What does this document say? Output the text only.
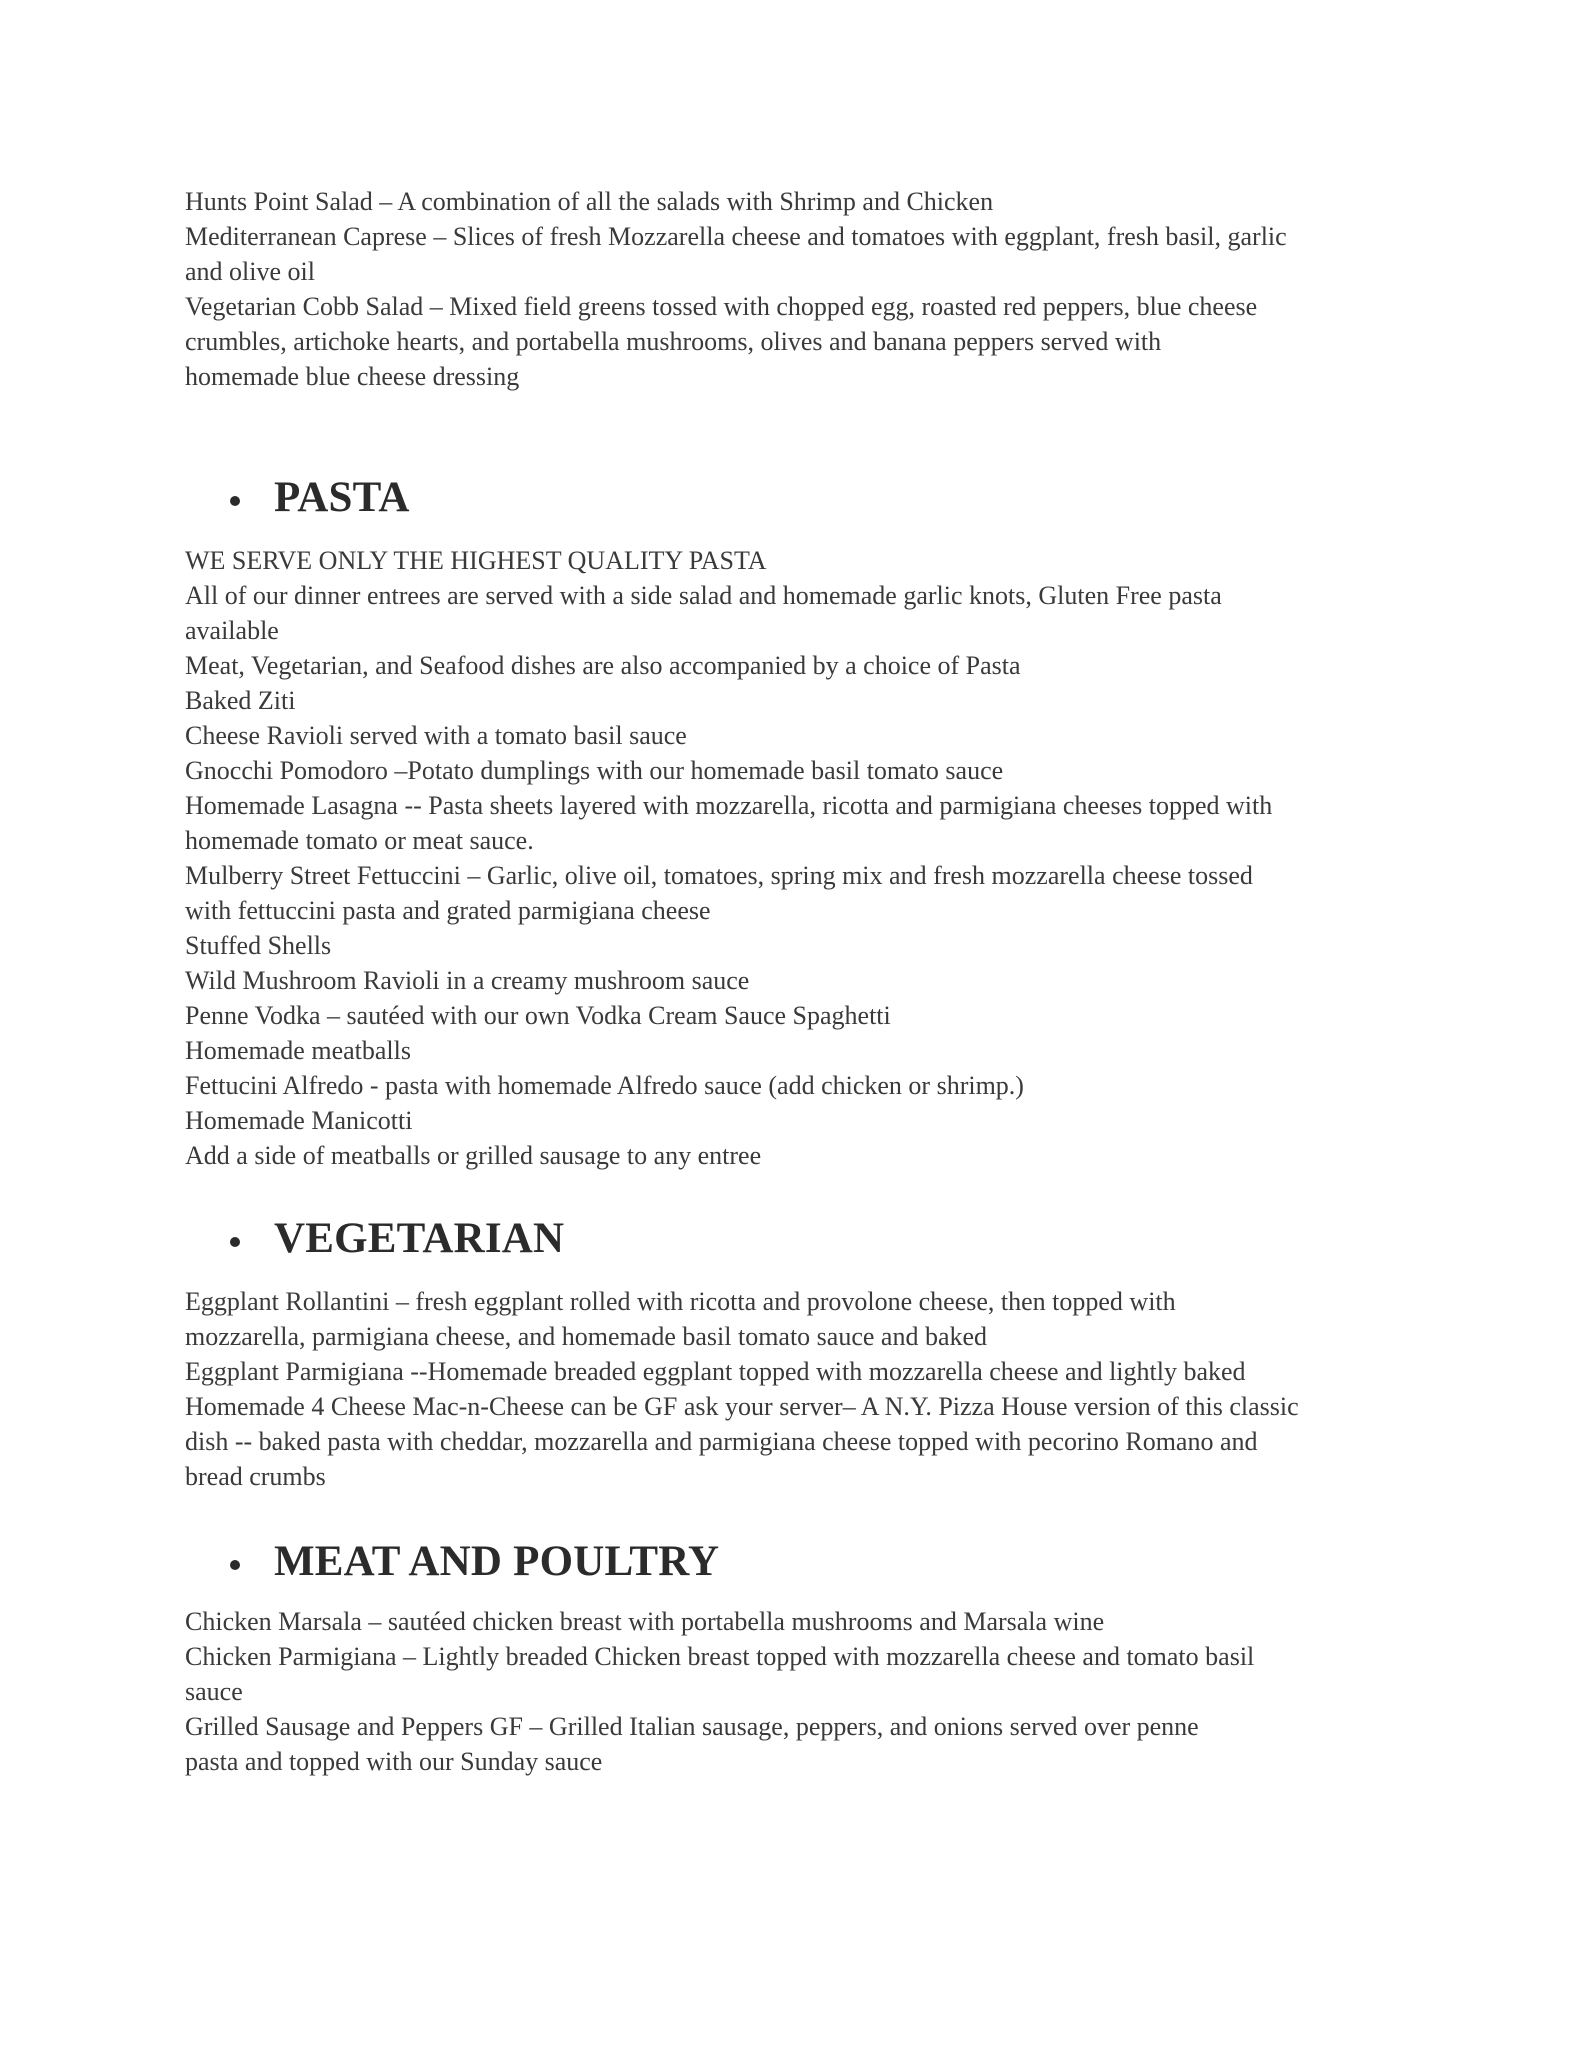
Hunts Point Salad – A combination of all the salads with Shrimp and Chicken

Mediterranean Caprese – Slices of fresh Mozzarella cheese and tomatoes with eggplant, fresh basil, garlic

and olive oil

Vegetarian Cobb Salad – Mixed field greens tossed with chopped egg, roasted red peppers, blue cheese

crumbles, artichoke hearts, and portabella mushrooms, olives and banana peppers served with

homemade blue cheese dressing

PASTA

WE SERVE ONLY THE HIGHEST QUALITY PASTA

All of our dinner entrees are served with a side salad and homemade garlic knots, Gluten Free pasta

available

Meat, Vegetarian, and Seafood dishes are also accompanied by a choice of Pasta

Baked Ziti

Cheese Ravioli served with a tomato basil sauce

Gnocchi Pomodoro –Potato dumplings with our homemade basil tomato sauce

Homemade Lasagna -- Pasta sheets layered with mozzarella, ricotta and parmigiana cheeses topped with

homemade tomato or meat sauce.

Mulberry Street Fettuccini – Garlic, olive oil, tomatoes, spring mix and fresh mozzarella cheese tossed

with fettuccini pasta and grated parmigiana cheese

Stuffed Shells

Wild Mushroom Ravioli in a creamy mushroom sauce

Penne Vodka – sautéed with our own Vodka Cream Sauce Spaghetti

Homemade meatballs

Fettucini Alfredo - pasta with homemade Alfredo sauce (add chicken or shrimp.)

Homemade Manicotti

Add a side of meatballs or grilled sausage to any entree

VEGETARIAN

Eggplant Rollantini – fresh eggplant rolled with ricotta and provolone cheese, then topped with

mozzarella, parmigiana cheese, and homemade basil tomato sauce and baked

Eggplant Parmigiana --Homemade breaded eggplant topped with mozzarella cheese and lightly baked

Homemade 4 Cheese Mac-n-Cheese can be GF ask your server– A N.Y. Pizza House version of this classic

dish -- baked pasta with cheddar, mozzarella and parmigiana cheese topped with pecorino Romano and

bread crumbs

MEAT AND POULTRY

Chicken Marsala – sautéed chicken breast with portabella mushrooms and Marsala wine

Chicken Parmigiana – Lightly breaded Chicken breast topped with mozzarella cheese and tomato basil

sauce

Grilled Sausage and Peppers GF – Grilled Italian sausage, peppers, and onions served over penne

pasta and topped with our Sunday sauce
